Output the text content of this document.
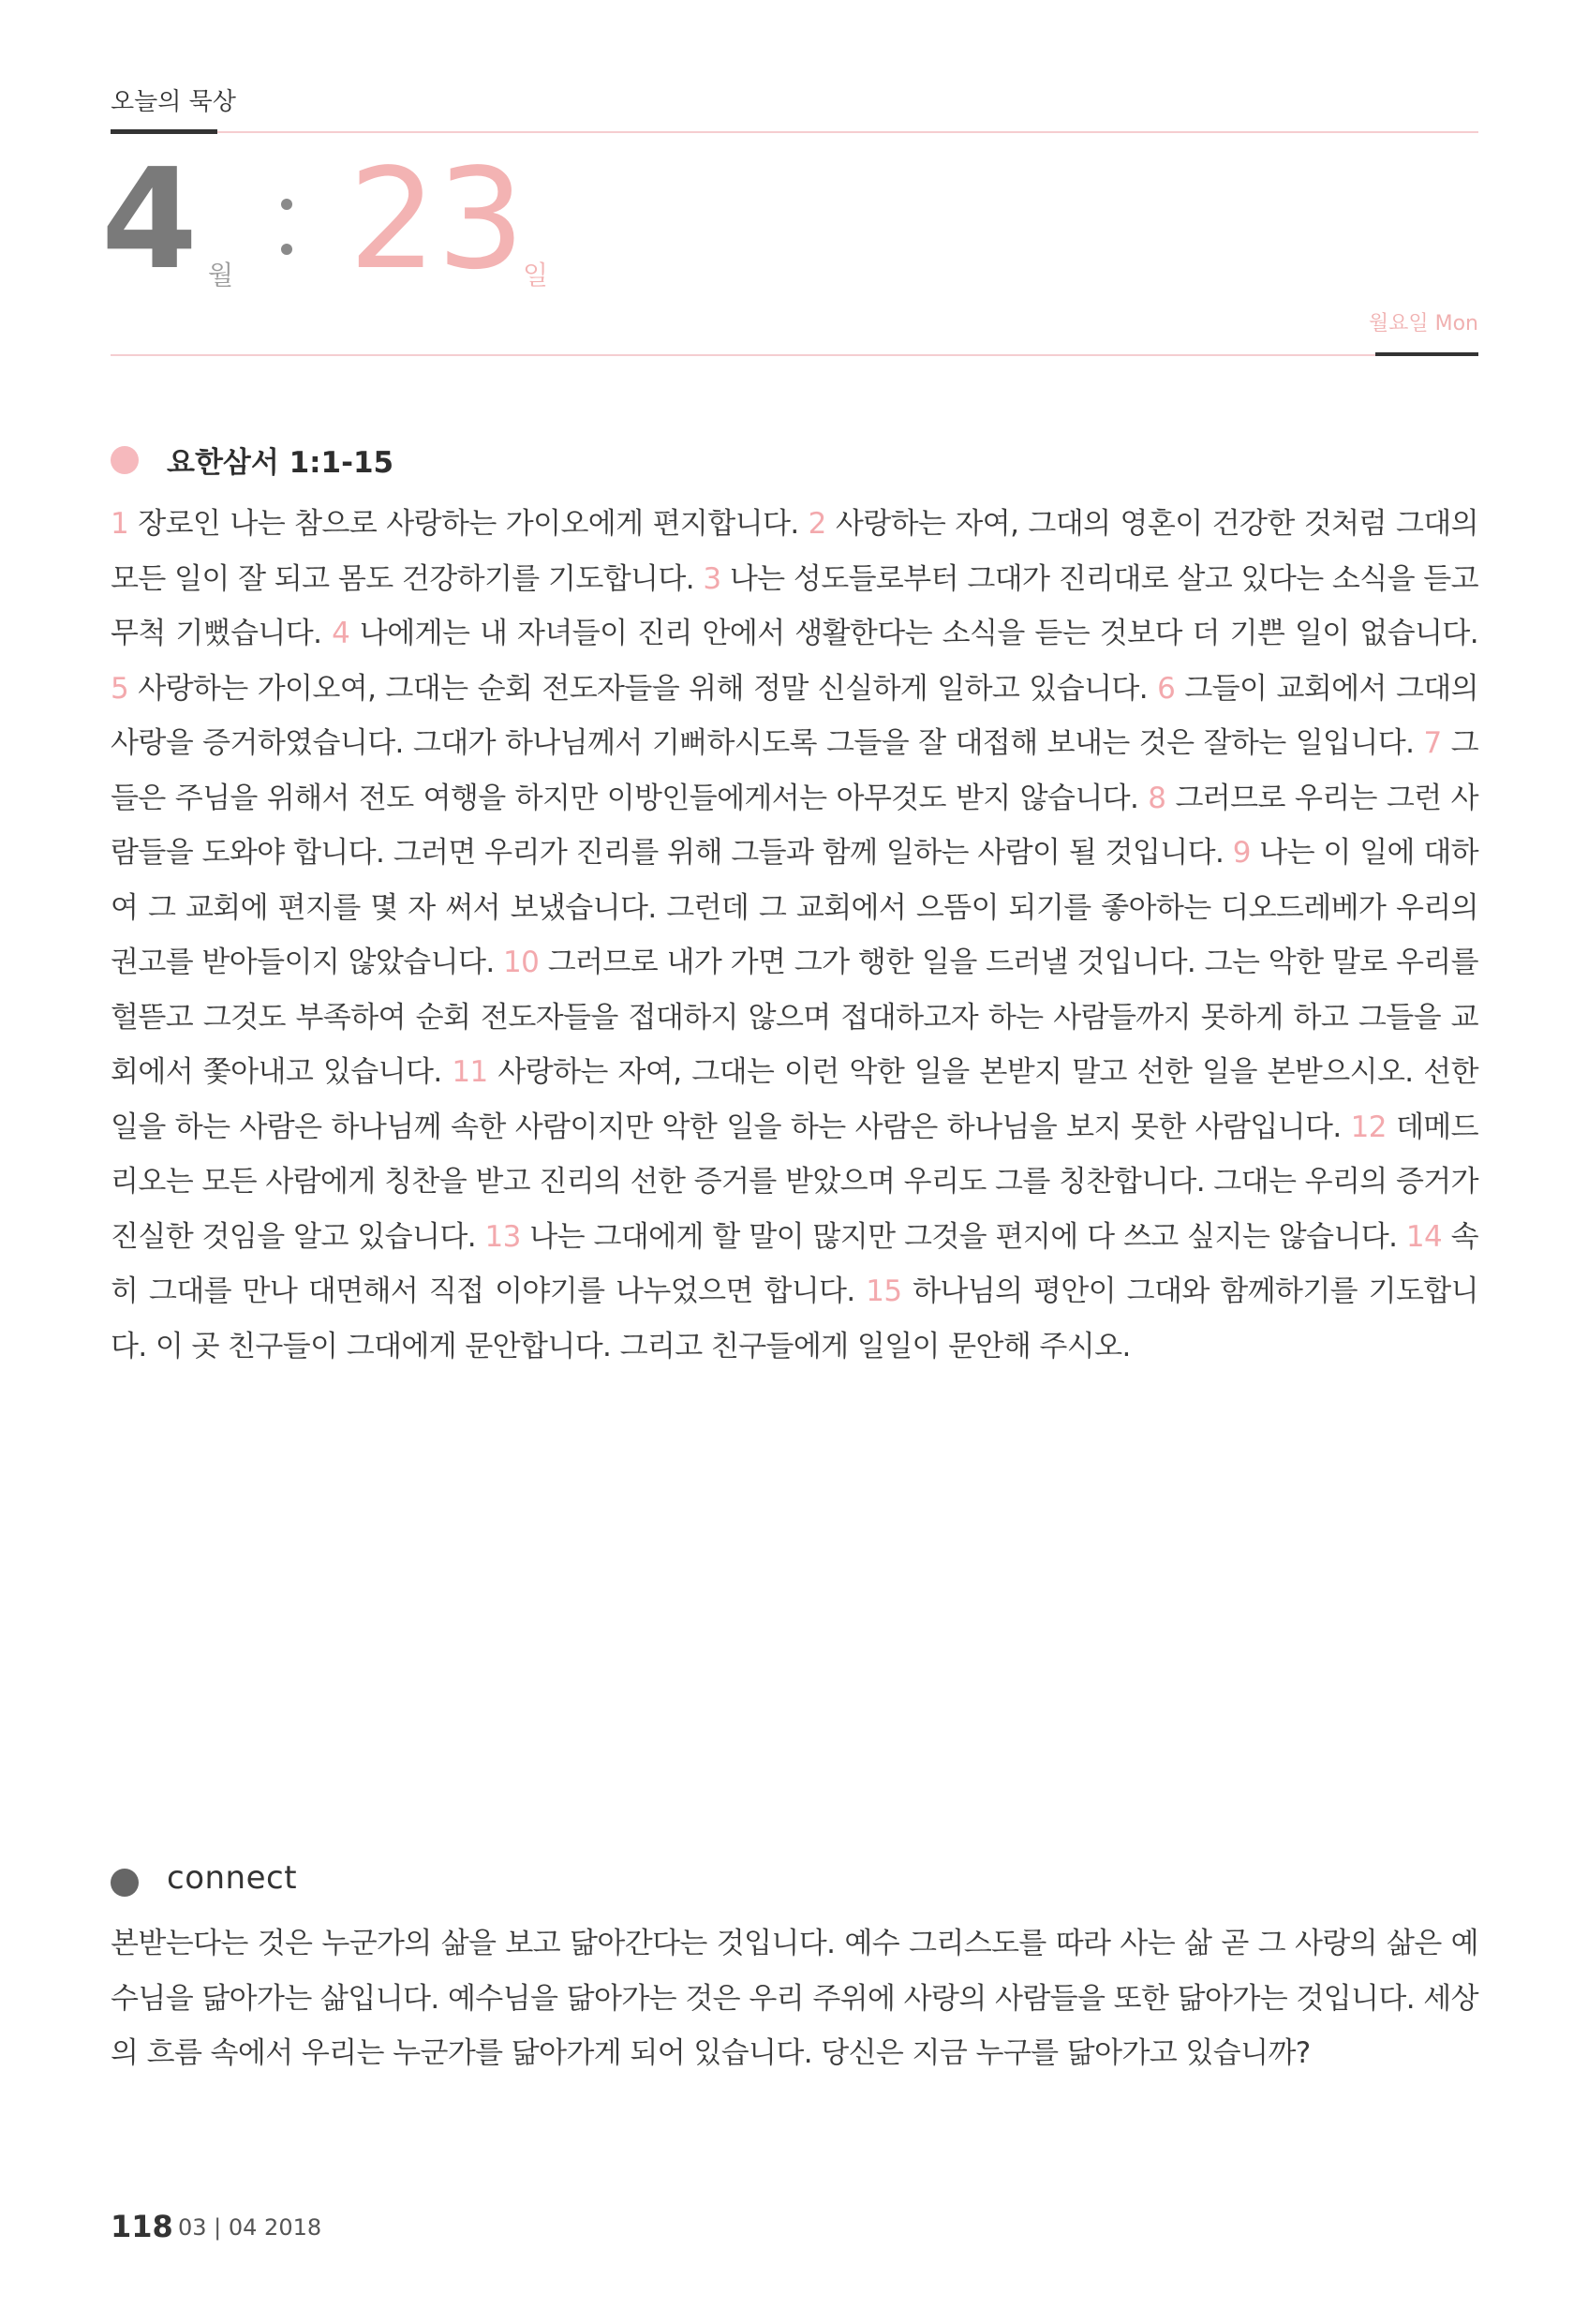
오늘의 묵상
4 월 23
일
월요일 Mon
요한삼서 1:1-15

1 장로인 나는 참으로 사랑하는 가이오에게 편지합니다. 2 사랑하는 자여, 그대의 영혼이 건강한 것처럼 그대의 모든 일이 잘 되고 몸도 건강하기를 기도합니다. 3 나는 성도들로부터 그대가 진리대로 살고 있다는 소식을 듣고 무척 기뻤습니다. 4 나에게는 내 자녀들이 진리 안에서 생활한다는 소식을 듣는 것보다 더 기쁜 일이 없습니다. 5 사랑하는 가이오여, 그대는 순회 전도자들을 위해 정말 신실하게 일하고 있습니다. 6 그들이 교회에서 그대의 사랑을 증거하였습니다. 그대가 하나님께서 기뻐하시도록 그들을 잘 대접해 보내는 것은 잘하는 일입니다. 7 그들은 주님을 위해서 전도 여행을 하지만 이방인들에게서는 아무것도 받지 않습니다. 8 그러므로 우리는 그런 사람들을 도와야 합니다. 그러면 우리가 진리를 위해 그들과 함께 일하는 사람이 될 것입니다. 9 나는 이 일에 대하여 그 교회에 편지를 몇 자 써서 보냈습니다. 그런데 그 교회에서 으뜸이 되기를 좋아하는 디오드레베가 우리의 권고를 받아들이지 않았습니다. 10 그러므로 내가 가면 그가 행한 일을 드러낼 것입니다. 그는 악한 말로 우리를 헐뜯고 그것도 부족하여 순회 전도자들을 접대하지 않으며 접대하고자 하는 사람들까지 못하게 하고 그들을 교회에서 쫓아내고 있습니다. 11 사랑하는 자여, 그대는 이런 악한 일을 본받지 말고 선한 일을 본받으시오. 선한 일을 하는 사람은 하나님께 속한 사람이지만 악한 일을 하는 사람은 하나님을 보지 못한 사람입니다. 12 데메드리오는 모든 사람에게 칭찬을 받고 진리의 선한 증거를 받았으며 우리도 그를 칭찬합니다. 그대는 우리의 증거가 진실한 것임을 알고 있습니다. 13 나는 그대에게 할 말이 많지만 그것을 편지에 다 쓰고 싶지는 않습니다. 14 속히 그대를 만나 대면해서 직접 이야기를 나누었으면 합니다. 15 하나님의 평안이 그대와 함께하기를 기도합니다. 이 곳 친구들이 그대에게 문안합니다. 그리고 친구들에게 일일이 문안해 주시오.

connect

본받는다는 것은 누군가의 삶을 보고 닮아간다는 것입니다. 예수 그리스도를 따라 사는 삶 곧 그 사랑의 삶은 예수님을 닮아가는 삶입니다. 예수님을 닮아가는 것은 우리 주위에 사랑의 사람들을 또한 닮아가는 것입니다. 세상의 흐름 속에서 우리는 누군가를 닮아가게 되어 있습니다. 당신은 지금 누구를 닮아가고 있습니까?

118 03 | 04 2018
